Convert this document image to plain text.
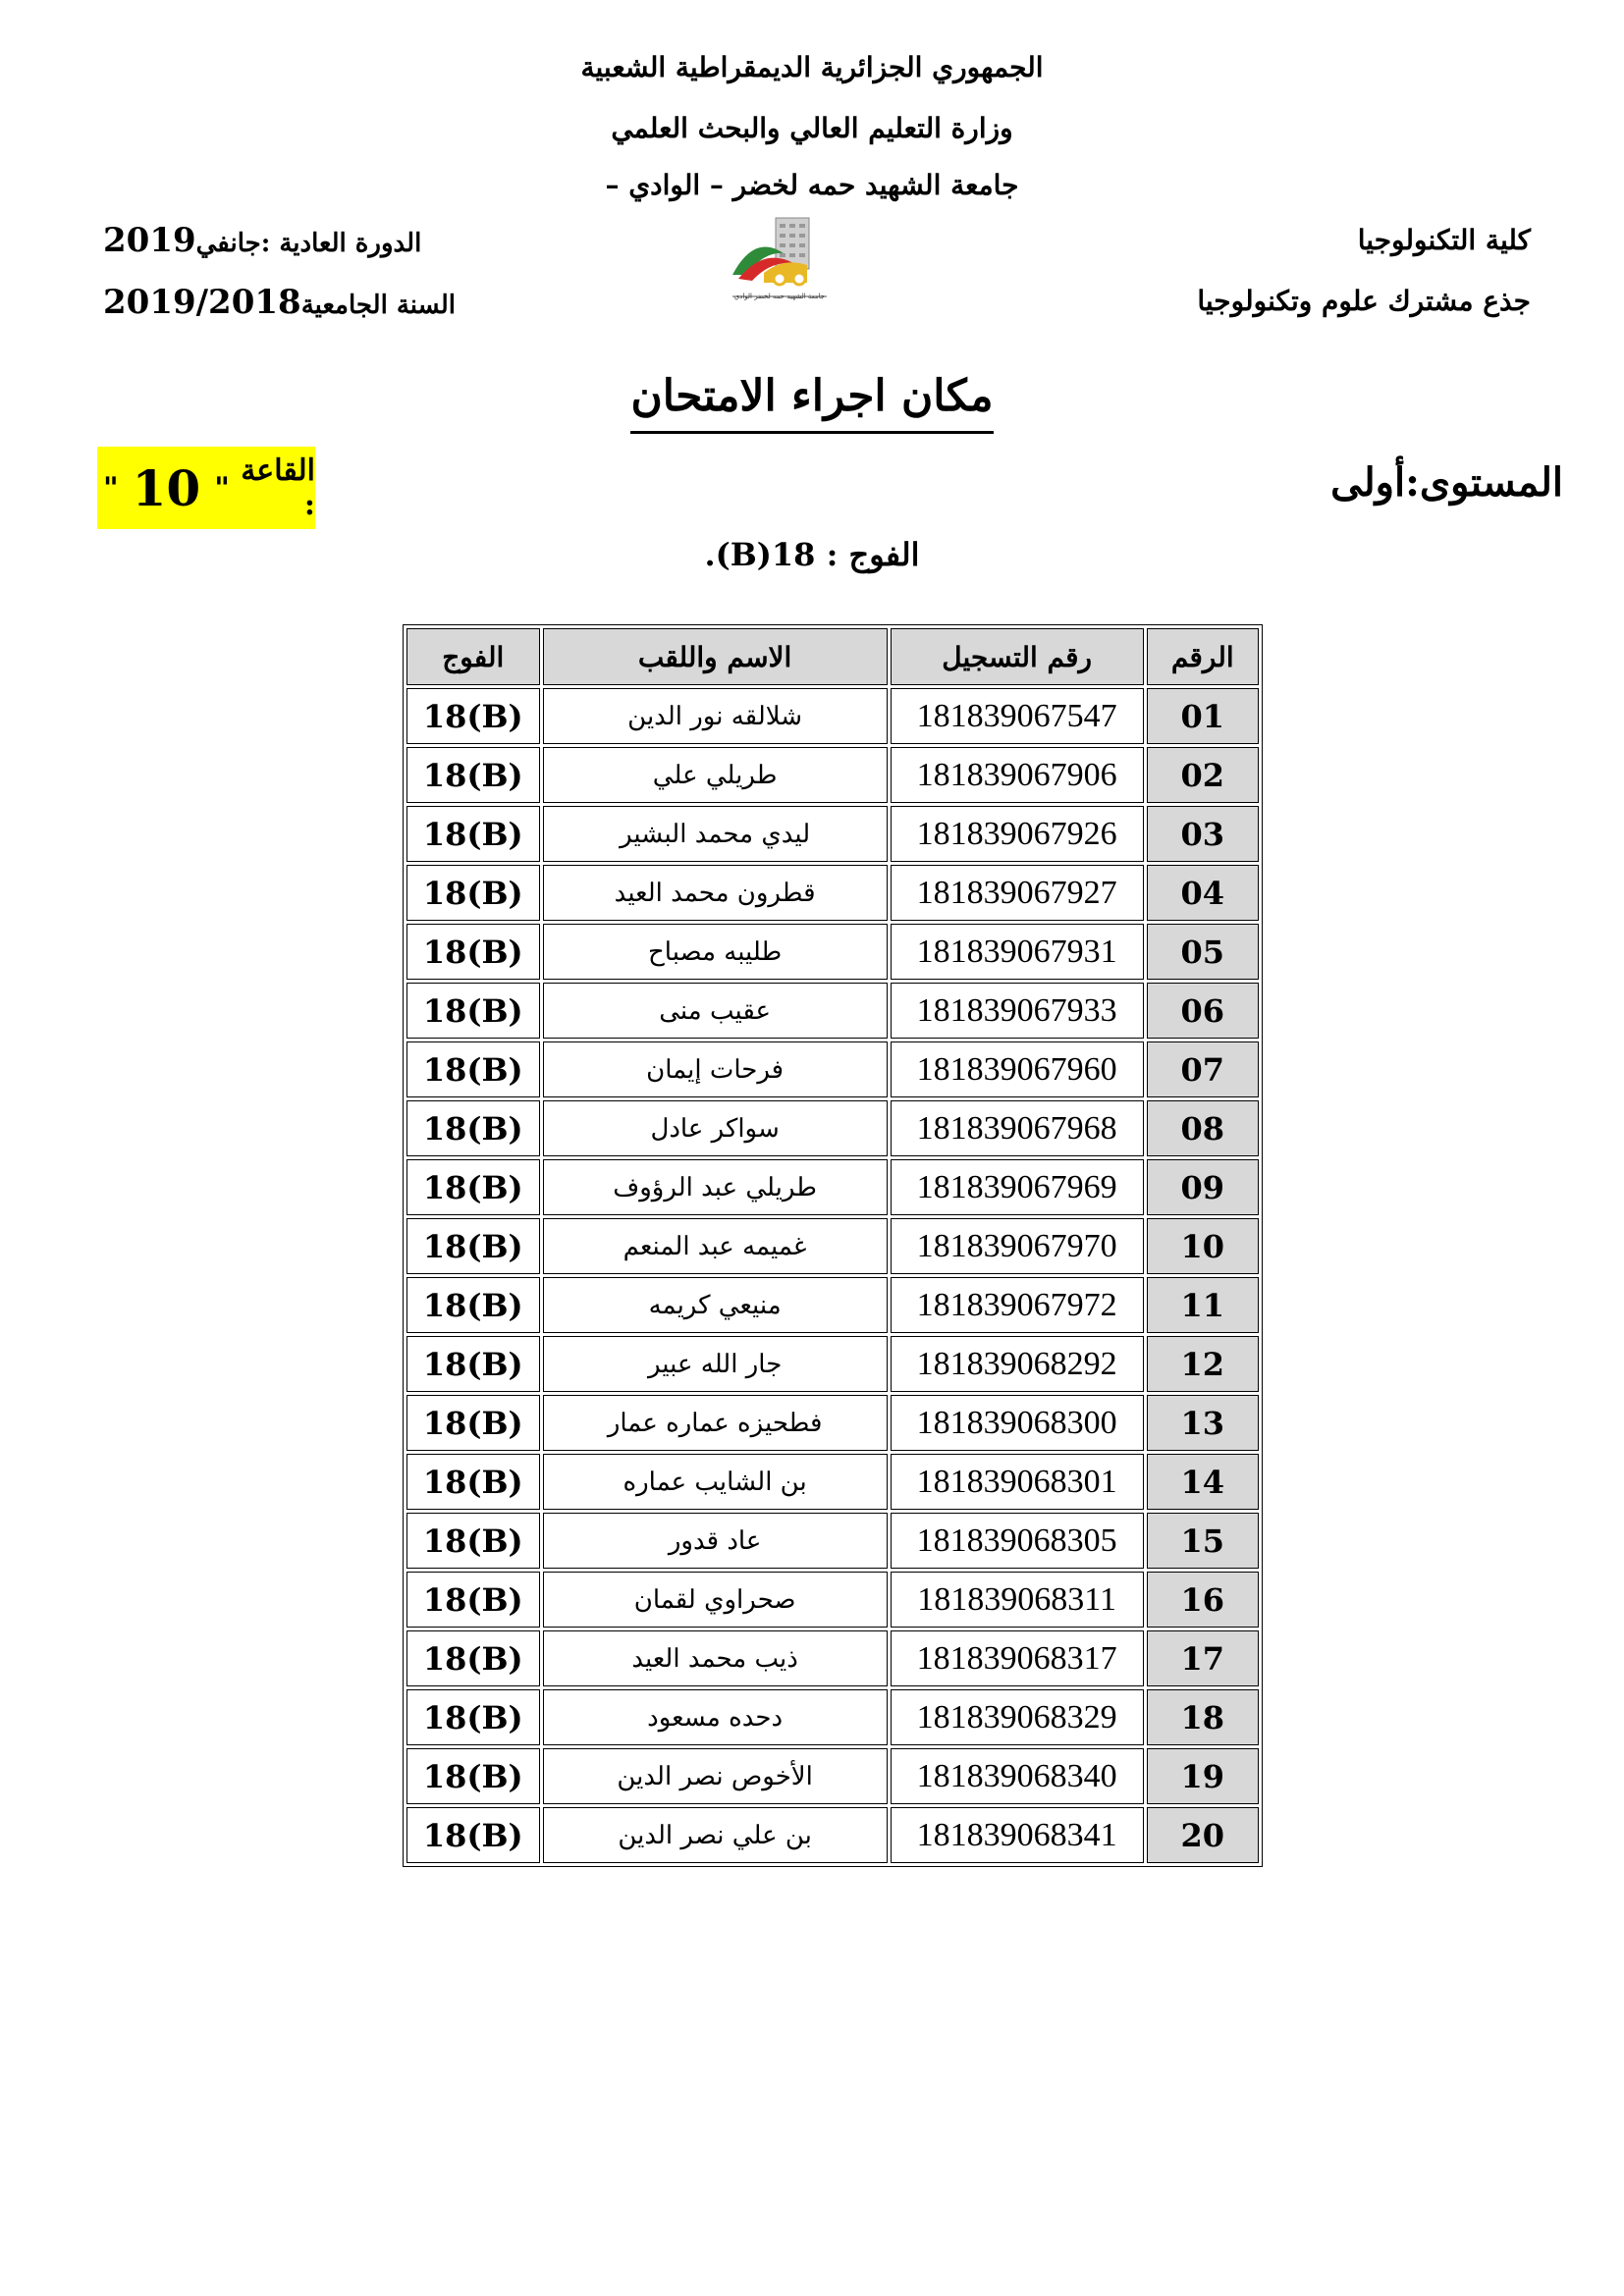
الجمهوري الجزائرية الديمقراطية الشعبية
وزارة التعليم العالي والبحث العلمي
جامعة الشهيد حمه لخضر – الوادي –
كلية التكنولوجيا
جذع مشترك علوم وتكنولوجيا
الدورة العادية :جانفي2019
السنة الجامعية2019/2018	جامعة الشهيد حمه لخضر الوادي
مكان اجراء الامتحان
المستوى:أولى
القاعة :
"
10
"
الفوج : 18(B).
الرقم	رقم التسجيل	الاسم واللقب	الفوج
01	181839067547	شلالقه نور الدين	18(B)
02	181839067906	طريلي علي	18(B)
03	181839067926	ليدي محمد البشير	18(B)
04	181839067927	قطرون محمد العيد	18(B)
05	181839067931	طليبه مصباح	18(B)
06	181839067933	عقيب منى	18(B)
07	181839067960	فرحات إيمان	18(B)
08	181839067968	سواكر عادل	18(B)
09	181839067969	طريلي عبد الرؤوف	18(B)
10	181839067970	غميمه عبد المنعم	18(B)
11	181839067972	منيعي كريمه	18(B)
12	181839068292	جار الله عبير	18(B)
13	181839068300	فطحيزه عماره عمار	18(B)
14	181839068301	بن الشايب عماره	18(B)
15	181839068305	عاد قدور	18(B)
16	181839068311	صحراوي لقمان	18(B)
17	181839068317	ذيب محمد العيد	18(B)
18	181839068329	دحده مسعود	18(B)
19	181839068340	الأخوص نصر الدين	18(B)
20	181839068341	بن علي نصر الدين	18(B)
